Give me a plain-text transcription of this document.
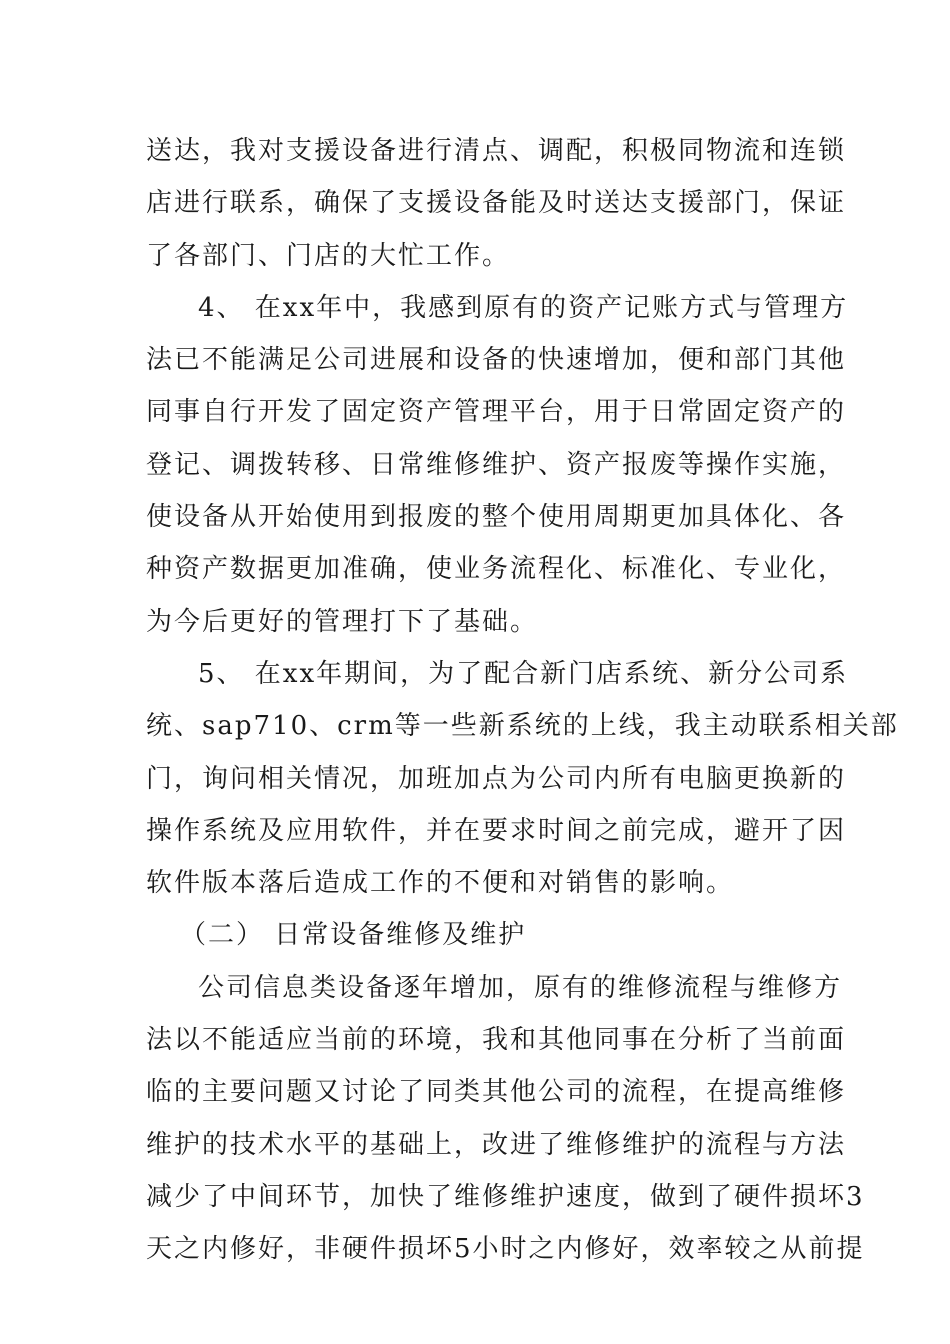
送达，我对支援设备进行清点、调配，积极同物流和连锁
店进行联系，确保了支援设备能及时送达支援部门，保证
了各部门、门店的大忙工作。
4、 在xx年中，我感到原有的资产记账方式与管理方
法已不能满足公司进展和设备的快速增加，便和部门其他
同事自行开发了固定资产管理平台，用于日常固定资产的
登记、调拨转移、日常维修维护、资产报废等操作实施，
使设备从开始使用到报废的整个使用周期更加具体化、各
种资产数据更加准确，使业务流程化、标准化、专业化，
为今后更好的管理打下了基础。
5、 在xx年期间，为了配合新门店系统、新分公司系
统、sap710、crm等一些新系统的上线，我主动联系相关部
门，询问相关情况，加班加点为公司内所有电脑更换新的
操作系统及应用软件，并在要求时间之前完成，避开了因
软件版本落后造成工作的不便和对销售的影响。
（二） 日常设备维修及维护
公司信息类设备逐年增加，原有的维修流程与维修方
法以不能适应当前的环境，我和其他同事在分析了当前面
临的主要问题又讨论了同类其他公司的流程，在提高维修
维护的技术水平的基础上，改进了维修维护的流程与方法
减少了中间环节，加快了维修维护速度，做到了硬件损坏3
天之内修好，非硬件损坏5小时之内修好，效率较之从前提
